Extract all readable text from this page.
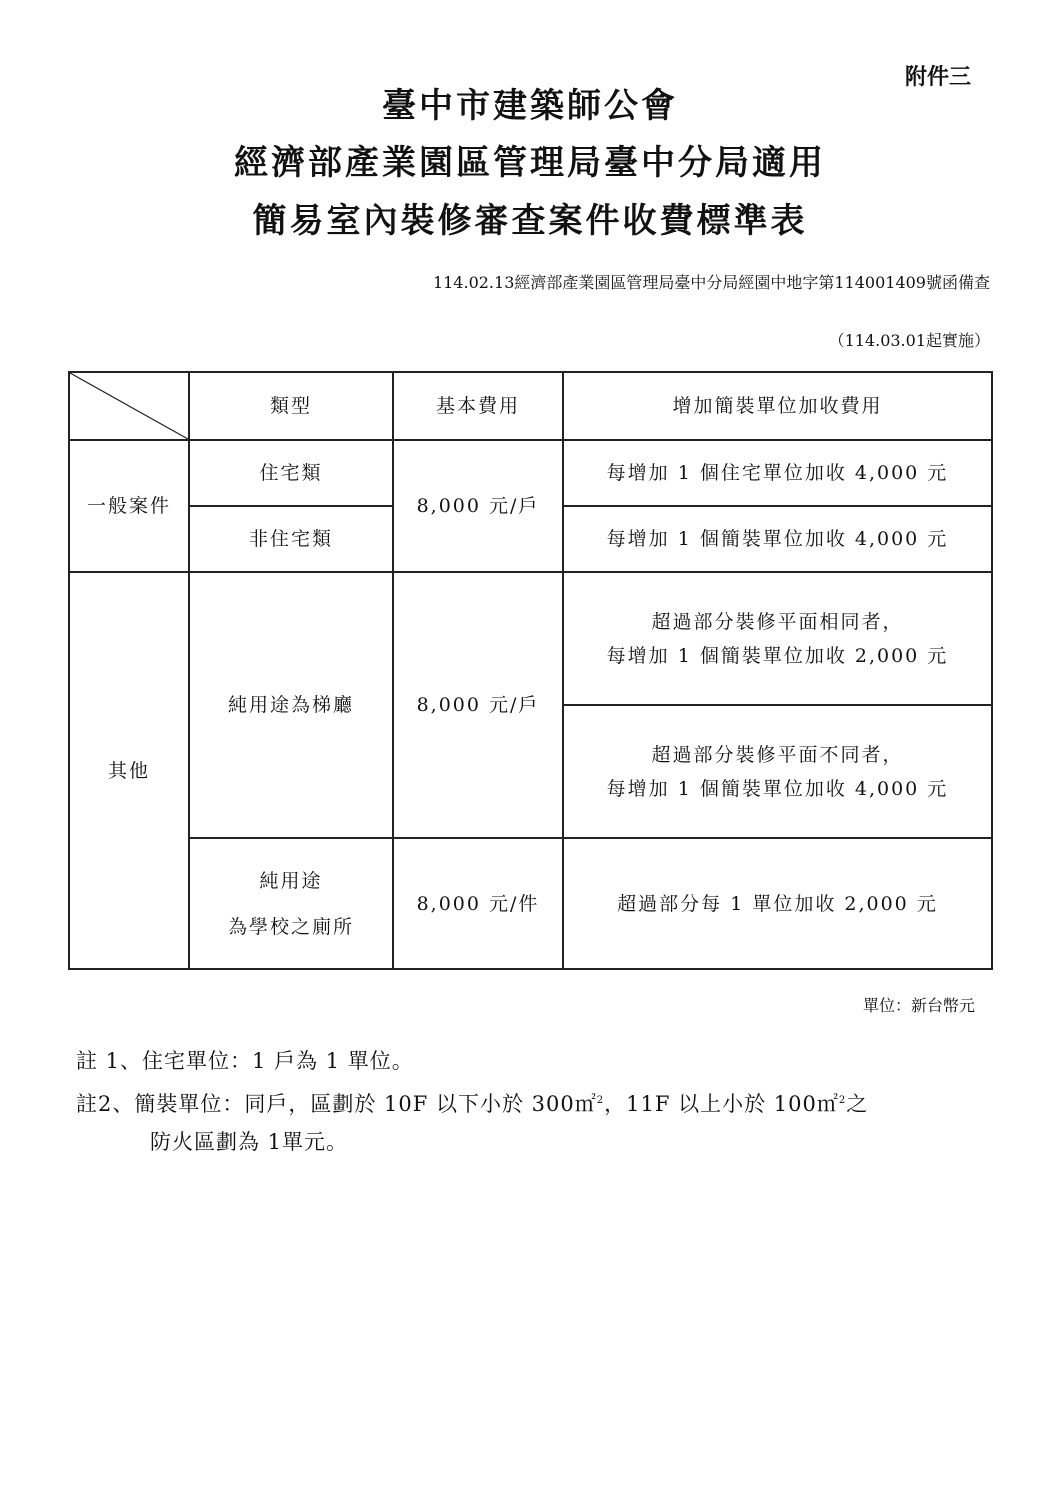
附件三
臺中市建築師公會
經濟部產業園區管理局臺中分局適用
簡易室內裝修審查案件收費標準表
114.02.13經濟部產業園區管理局臺中分局經園中地字第114001409號函備查
（114.03.01起實施）
	類型	基本費用	增加簡裝單位加收費用
一般案件	住宅類	8,000 元/戶	每增加 1 個住宅單位加收 4,000 元
	非住宅類		每增加 1 個簡裝單位加收 4,000 元
其他	純用途為梯廳	8,000 元/戶	超過部分裝修平面相同者，
每增加 1 個簡裝單位加收 2,000 元

			超過部分裝修平面不同者，
每增加 1 個簡裝單位加收 4,000 元

	純用途
為學校之廁所	8,000 元/件	超過部分每 1 單位加收 2,000 元
單位：新台幣元
註 1、住宅單位：1 戶為 1 單位。
註2、簡裝單位：同戶，區劃於 10F 以下小於 300㎡$^2$，11F 以上小於 100㎡$^2$之
防火區劃為 1單元。
